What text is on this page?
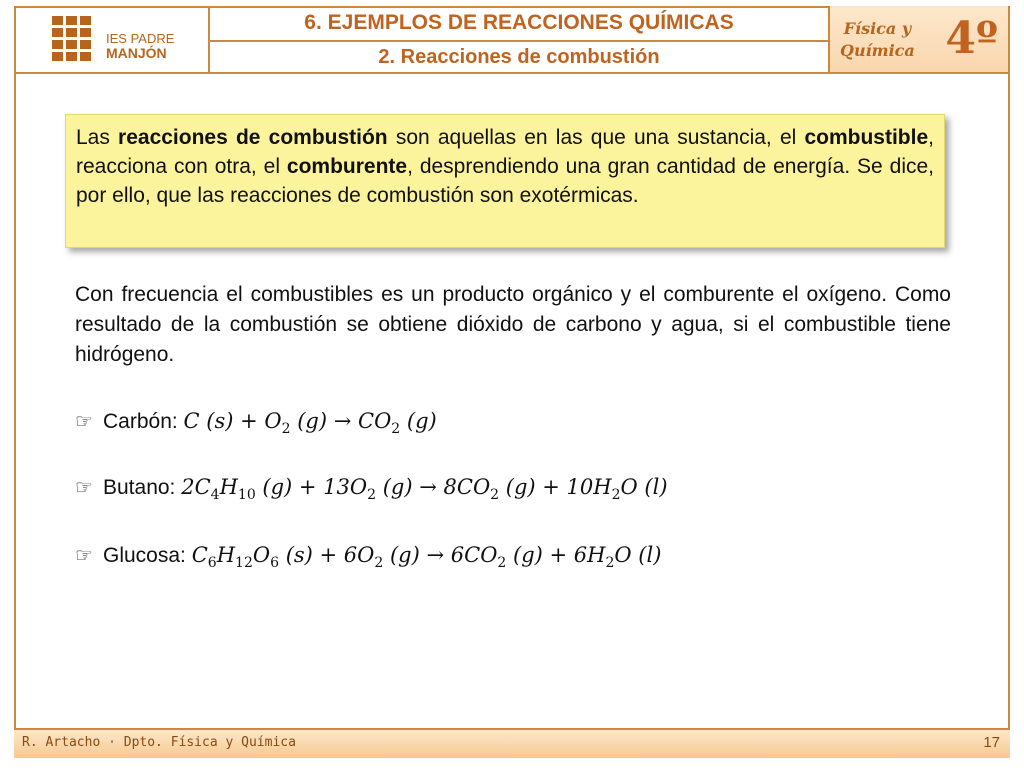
IES PADRE
MANJÓN
6. EJEMPLOS DE REACCIONES QUÍMICAS
2. Reacciones de combustión
Física y
Química 4º
Las reacciones de combustión son aquellas en las que una sustancia, el combustible, reacciona con otra, el comburente, desprendiendo una gran cantidad de energía. Se dice, por ello, que las reacciones de combustión son exotérmicas.
Con frecuencia el combustibles es un producto orgánico y el comburente el oxígeno. Como resultado de la combustión se obtiene dióxido de carbono y agua, si el combustible tiene hidrógeno.
☞ Carbón: C $(s) + O_2$ $(g) \to CO_2$ (g)
☞ Butano: $2C_4H_{10}$ $(g) + 13O_2$ $(g) \to 8CO_2$ $(g) + 10H_2O$ (l)
☞ Glucosa: $C_6H_{12}O_6$ $(s) + 6O_2$ $(g) \to 6CO_2$ $(g) + 6H_2O$ (l)
R. Artacho · Dpto. Física y Química	17
